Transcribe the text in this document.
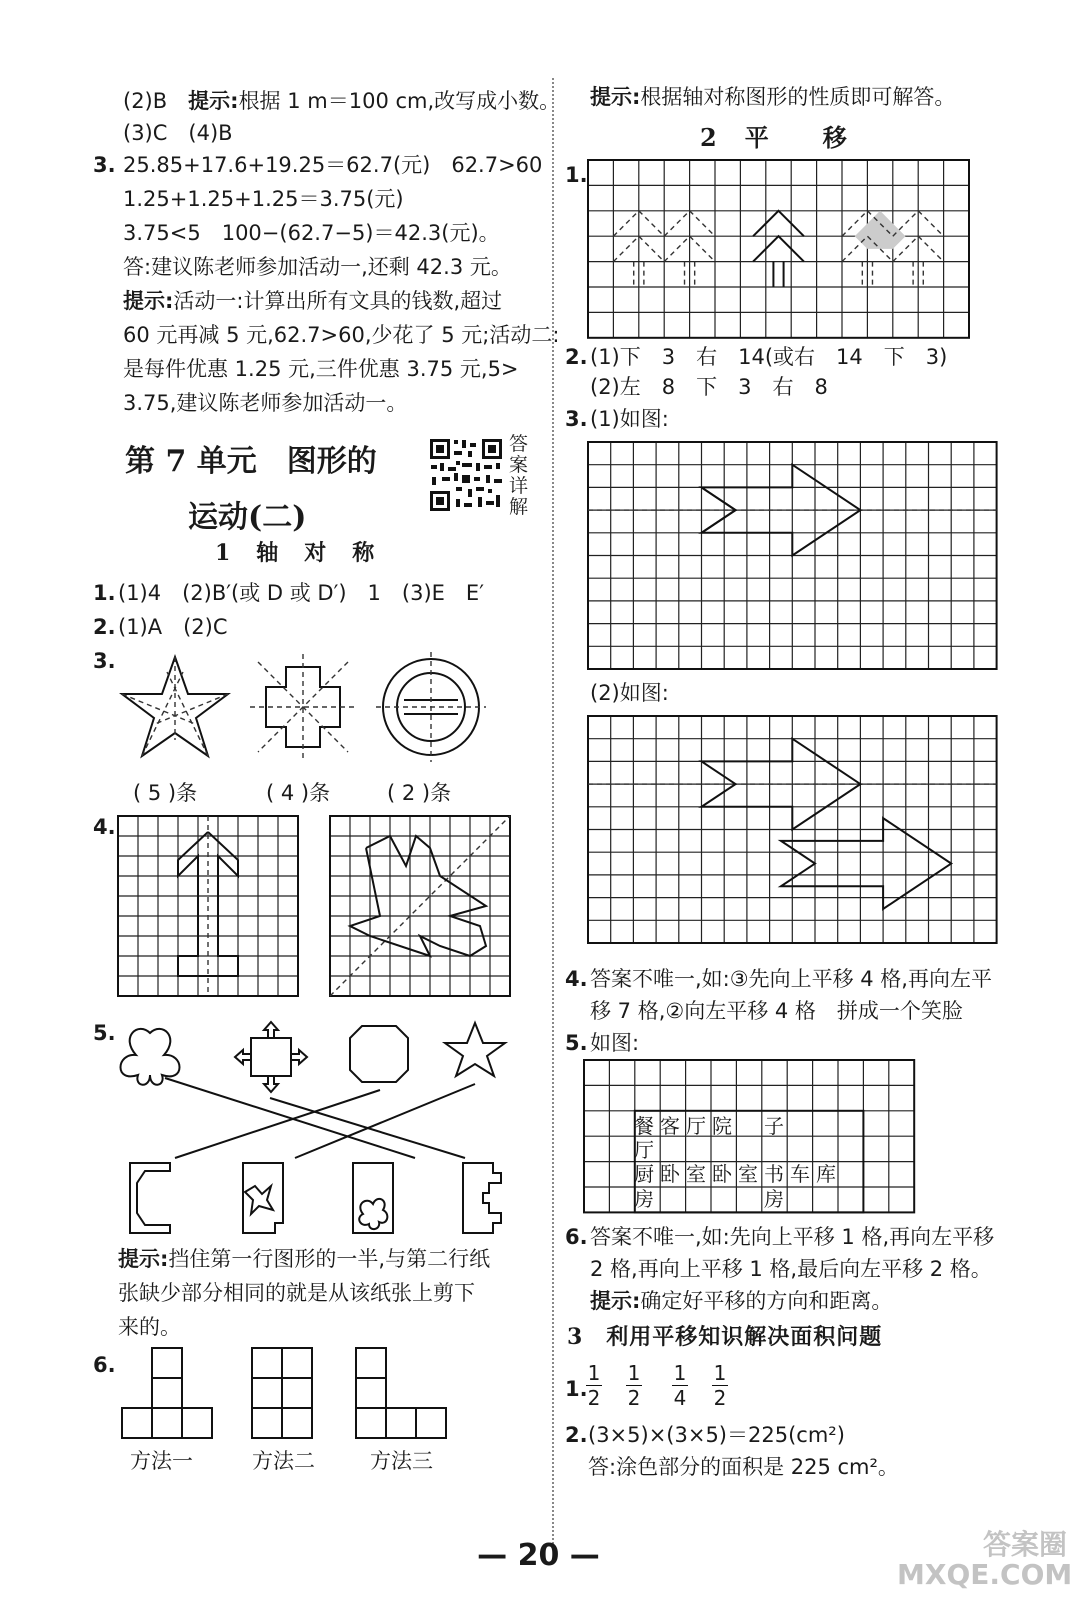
(2)B　 提示:根据 1 m＝100 cm,改写成小数。
(3)C　(4)B
3. 25.85+17.6+19.25＝62.7(元)　62.7>60
1.25+1.25+1.25＝3.75(元)
3.75<5　100−(62.7−5)＝42.3(元)。
答:建议陈老师参加活动一,还剩 42.3 元。
提示:活动一:计算出所有文具的钱数,超过
60 元再减 5 元,62.7>60,少花了 5 元;活动二:
是每件优惠 1.25 元,三件优惠 3.75 元,5>
3.75,建议陈老师参加活动一。
第 7 单元　图形的
运动(二)
答案详解
1　轴　对　称
1. (1)4　(2)B′(或 D 或 D′)　1　(3)E　E′
2. (1)A　(2)C
3.
( 5 )条	( 4 )条	( 2 )条
4.
5.
提示:挡住第一行图形的一半,与第二行纸
张缺少部分相同的就是从该纸张上剪下
来的。
6.
方法一	方法二	方法三
提示:根据轴对称图形的性质即可解答。
2　平　　移
1.
2. (1)下　3　右　14(或右　14　下　3)
(2)左　8　下　3　右　8
3. (1)如图:
(2)如图:
4. 答案不唯一,如:③先向上平移 4 格,再向左平
移 7 格,②向左平移 4 格　拼成一个笑脸
5. 如图:
餐 客 厅 院 子
厅
厨 卧 室 卧 室 书 车 库
房	房
6. 答案不唯一,如:先向上平移 1 格,再向左平移
2 格,再向上平移 1 格,最后向左平移 2 格。
提示:确定好平移的方向和距离。
3　利用平移知识解决面积问题
1.
1
2
1
2
1
4
1
2
2. (3×5)×(3×5)＝225(cm²)
答:涂色部分的面积是 225 cm²。
— 20 —	答案圈
MXQE.COM
